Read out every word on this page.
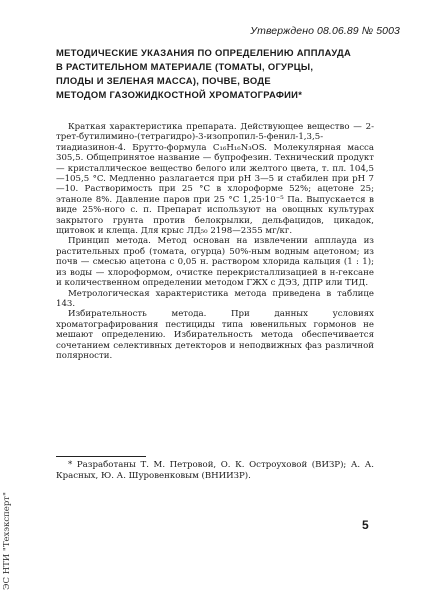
Утверждено 08.06.89 № 5003
МЕТОДИЧЕСКИЕ УКАЗАНИЯ ПО ОПРЕДЕЛЕНИЮ АППЛАУДА
В РАСТИТЕЛЬНОМ МАТЕРИАЛЕ (ТОМАТЫ, ОГУРЦЫ,
ПЛОДЫ И ЗЕЛЕНАЯ МАССА), ПОЧВЕ, ВОДЕ
МЕТОДОМ ГАЗОЖИДКОСТНОЙ ХРОМАТОГРАФИИ*

Краткая характеристика препарата. Действующее вещество — 2-трет-бутилимино-(тетрагидро)-3-изопропил-5-фенил-1,3,5-тиадиазинон-4. Брутто-формула C₁₆H₁₆N₃OS. Молекулярная масса 305,5. Общепринятое название — бупрофезин. Технический продукт — кристаллическое вещество белого или желтого цвета, т. пл. 104,5—105,5 °C. Медленно разлагается при pH 3—5 и стабилен при pH 7—10. Растворимость при 25 °C в хлороформе 52%; ацетоне 25; этаноле 8%. Давление паров при 25 °C 1,25·10⁻⁵ Па. Выпускается в виде 25%-ного с. п. Препарат используют на овощных культурах закрытого грунта против белокрылки, дельфацидов, цикадок, щитовок и клеща. Для крыс ЛД₅₀ 2198—2355 мг/кг.

Принцип метода. Метод основан на извлечении апплауда из растительных проб (томата, огурца) 50%-ным водным ацетоном; из почв — смесью ацетона с 0,05 н. раствором хлорида кальция (1 : 1); из воды — хлороформом, очистке перекристаллизацией в н-гексане и количественном определении методом ГЖХ с ДЭЗ, ДПР или ТИД.

Метрологическая характеристика метода приведена в таблице 143.

Избирательность метода. При данных условиях хроматографирования пестициды типа ювенильных гормонов не мешают определению. Избирательность метода обеспечивается сочетанием селективных детекторов и неподвижных фаз различной полярности.

* Разработаны Т. М. Петровой, О. К. Остроуховой (ВИЗР); А. А. Красных, Ю. А. Шуровенковым (ВНИИЗР).

5
ЭС НТИ "Техэксперт"
